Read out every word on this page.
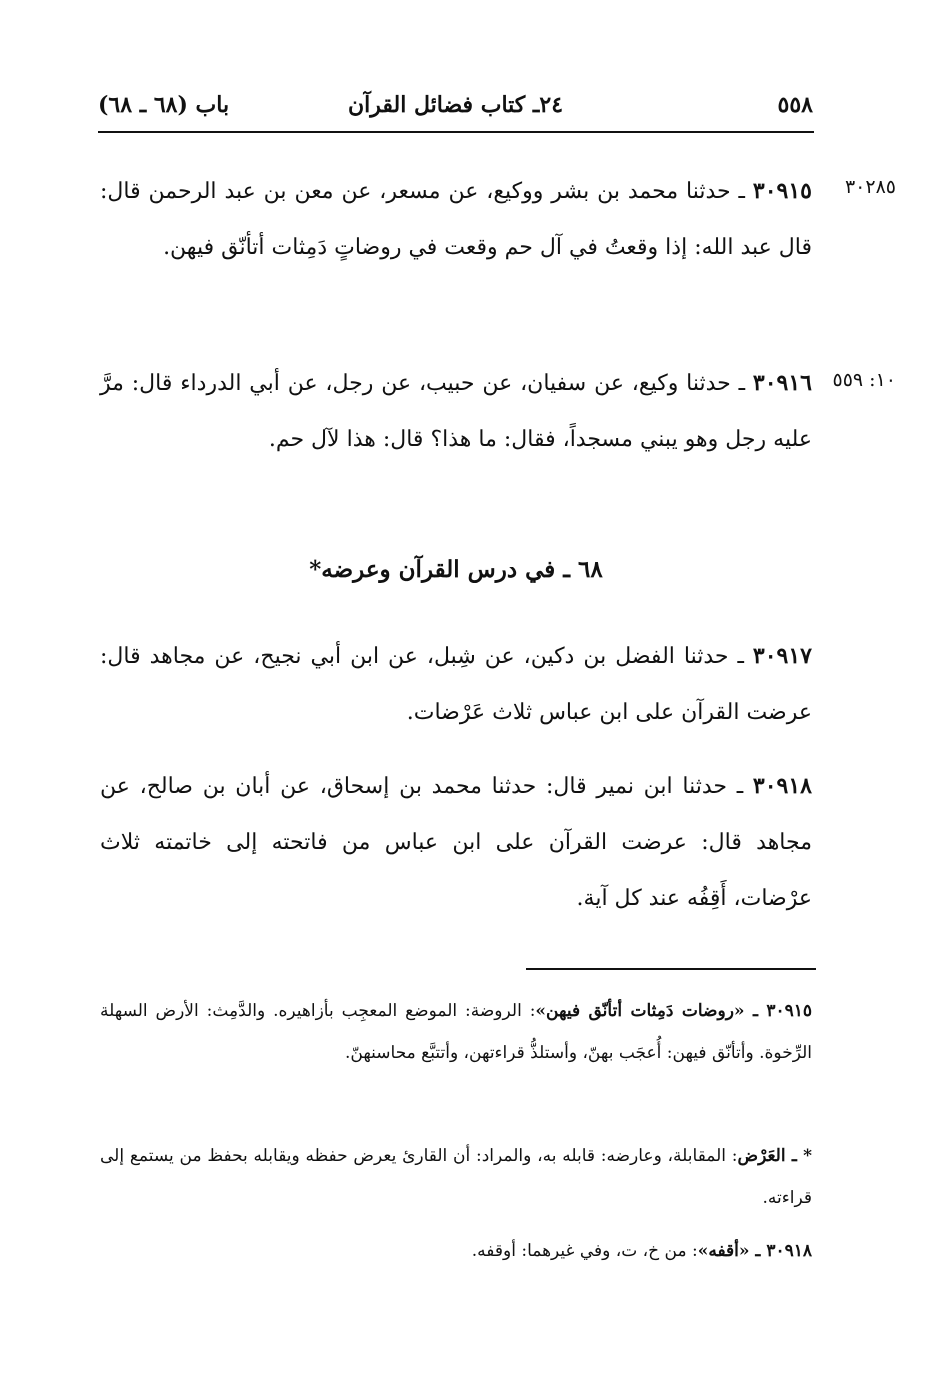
٥٥٨
٢٤ـ كتاب فضائل القرآن
باب (٦٨ ـ ٦٨)
٣٠٢٨٥
٣٠٩١٥ ـ حدثنا محمد بن بشر ووكيع، عن مسعر، عن معن بن عبد الرحمن قال: قال عبد الله: إذا وقعتُ في آل حم وقعت في روضاتٍ دَمِثات أتأنّق فيهن.
١٠: ٥٥٩
٣٠٩١٦ ـ حدثنا وكيع، عن سفيان، عن حبيب، عن رجل، عن أبي الدرداء قال: مرَّ عليه رجل وهو يبني مسجداً، فقال: ما هذا؟ قال: هذا لآل حم.
٦٨ ـ في درس القرآن وعرضه*
٣٠٩١٧ ـ حدثنا الفضل بن دكين، عن شِبل، عن ابن أبي نجيح، عن مجاهد قال: عرضت القرآن على ابن عباس ثلاث عَرْضات.
٣٠٩١٨ ـ حدثنا ابن نمير قال: حدثنا محمد بن إسحاق، عن أبان بن صالح، عن مجاهد قال: عرضت القرآن على ابن عباس من فاتحته إلى خاتمته ثلاث عرْضات، أَقِفُه عند كل آية.
٣٠٩١٥ ـ «روضات دَمِثات أتأنّق فيهن»: الروضة: الموضع المعجِب بأزاهيره. والدَّمِث: الأرض السهلة الرِّخوة. وأتأنّق فيهن: أُعجَب بهنّ، وأستلذُّ قراءتهن، وأتتبَّع محاسنهنّ.
* ـ العَرْض: المقابلة، وعارضه: قابله به، والمراد: أن القارئ يعرض حفظه ويقابله بحفظ من يستمع إلى قراءته.
٣٠٩١٨ ـ «أقفه»: من خ، ت، وفي غيرهما: أوقفه.
